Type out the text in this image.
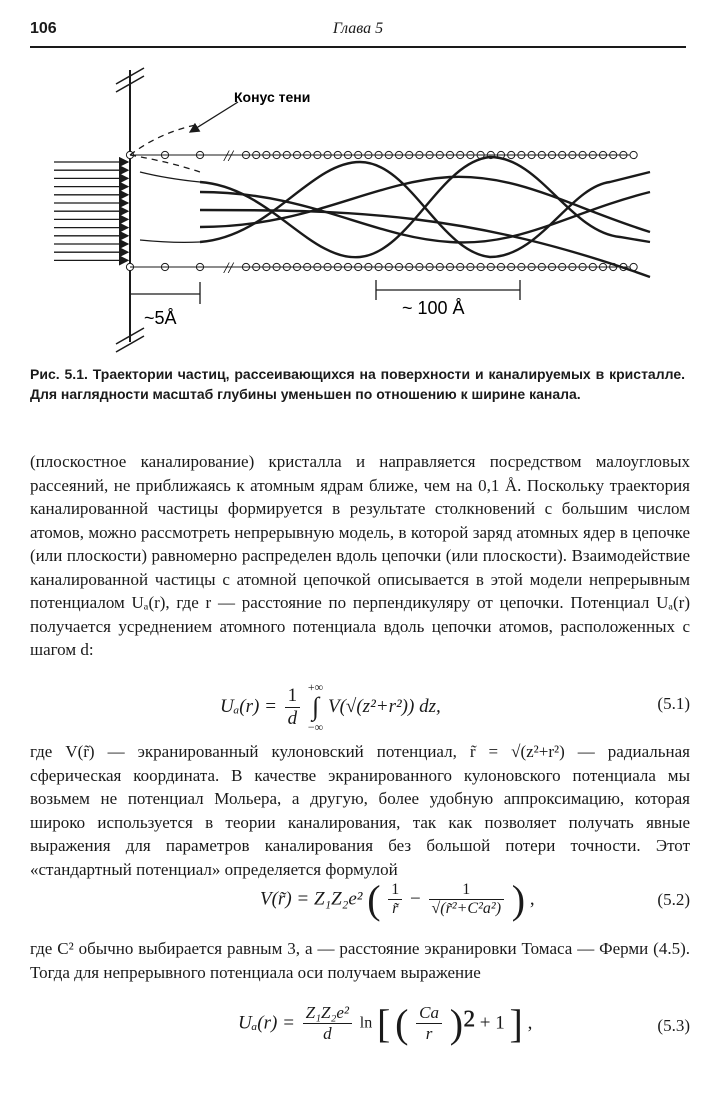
106	Глава 5
//
//
Конус тени
~5Å	~ 100 Å
Рис. 5.1. Траектории частиц, рассеивающихся на поверхности и каналируемых в кристалле. Для наглядности масштаб глубины уменьшен по отношению к ширине канала.
(плоскостное каналирование) кристалла и направляется посредством малоугловых рассеяний, не приближаясь к атомным ядрам ближе, чем на 0,1 Å. Поскольку траектория каналированной частицы формируется в результате столкновений с большим числом атомов, можно рассмотреть непрерывную модель, в которой заряд атомных ядер в цепочке (или плоскости) равномерно распределен вдоль цепочки (или плоскости). Взаимодействие каналированной частицы с атомной цепочкой описывается в этой модели непрерывным потенциалом Uₐ(r), где r — расстояние по перпендикуляру от цепочки. Потенциал Uₐ(r) получается усреднением атомного потенциала вдоль цепочки атомов, расположенных с шагом d:
$U_a(r) = \frac{1}{d}$
+∞
∫
−∞
V(√(z²+r²)) dz,	(5.1)
где V(r̃) — экранированный кулоновский потенциал, r̃ = √(z²+r²) — радиальная сферическая координата. В качестве экранированного кулоновского потенциала мы возьмем не потенциал Мольера, а другую, более удобную аппроксимацию, которая широко используется в теории каналирования, так как позволяет получать явные выражения для параметров каналирования без большой потери точности. Этот «стандартный потенциал» определяется формулой
V(r̃) = Z₁Z₂e² ( $\frac{1}{r̃} - \frac{1}{\text{√(r̃²+C²a²)}}$ ) ,	(5.2)
где C² обычно выбирается равным 3, a — расстояние экранировки Томаса — Ферми (4.5). Тогда для непрерывного потенциала оси получаем выражение
$U_a(r) = \frac{\text{Z₁Z₂e²}}{d}$ ln [ ( $\frac{Ca}{r} )^2 + 1$ ] ,	(5.3)
